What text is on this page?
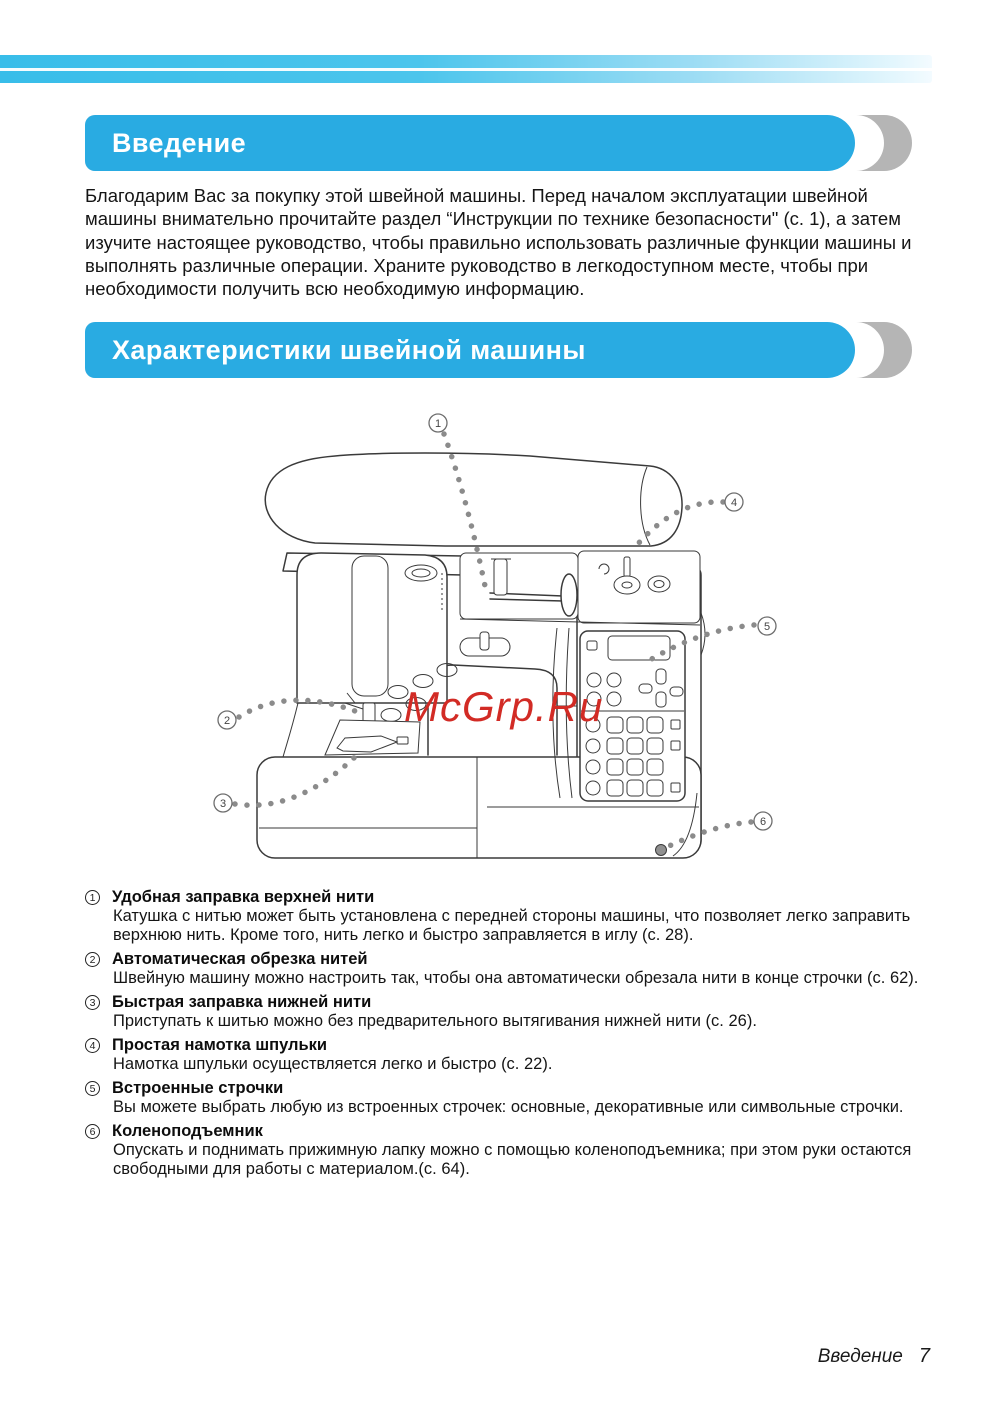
Введение
Благодарим Вас за покупку этой швейной машины. Перед началом эксплуатации швейной машины внимательно прочитайте раздел “Инструкции по технике безопасности" (с. 1), а затем изучите настоящее руководство, чтобы правильно использовать различные функции машины и выполнять различные операции. Храните руководство в легкодоступном месте, чтобы при необходимости получить всю необходимую информацию.
Характеристики швейной машины
1
2
3
4
5
6
McGrp.Ru
1 Удобная заправка верхней нити
Катушка с нитью может быть установлена с передней стороны машины, что позволяет легко заправить верхнюю нить. Кроме того, нить легко и быстро заправляется в иглу (с. 28).
2 Автоматическая обрезка нитей
Швейную машину можно настроить так, чтобы она автоматически обрезала нити в конце строчки (с. 62).
3 Быстрая заправка нижней нити
Приступать к шитью можно без предварительного вытягивания нижней нити (с. 26).
4 Простая намотка шпульки
Намотка шпульки осуществляется легко и быстро (с. 22).
5 Встроенные строчки
Вы можете выбрать любую из встроенных строчек: основные, декоративные или символьные строчки.
6 Коленоподъемник
Опускать и поднимать прижимную лапку можно с помощью коленоподъемника; при этом руки остаются свободными для работы с материалом.(с. 64).
Введение 7
